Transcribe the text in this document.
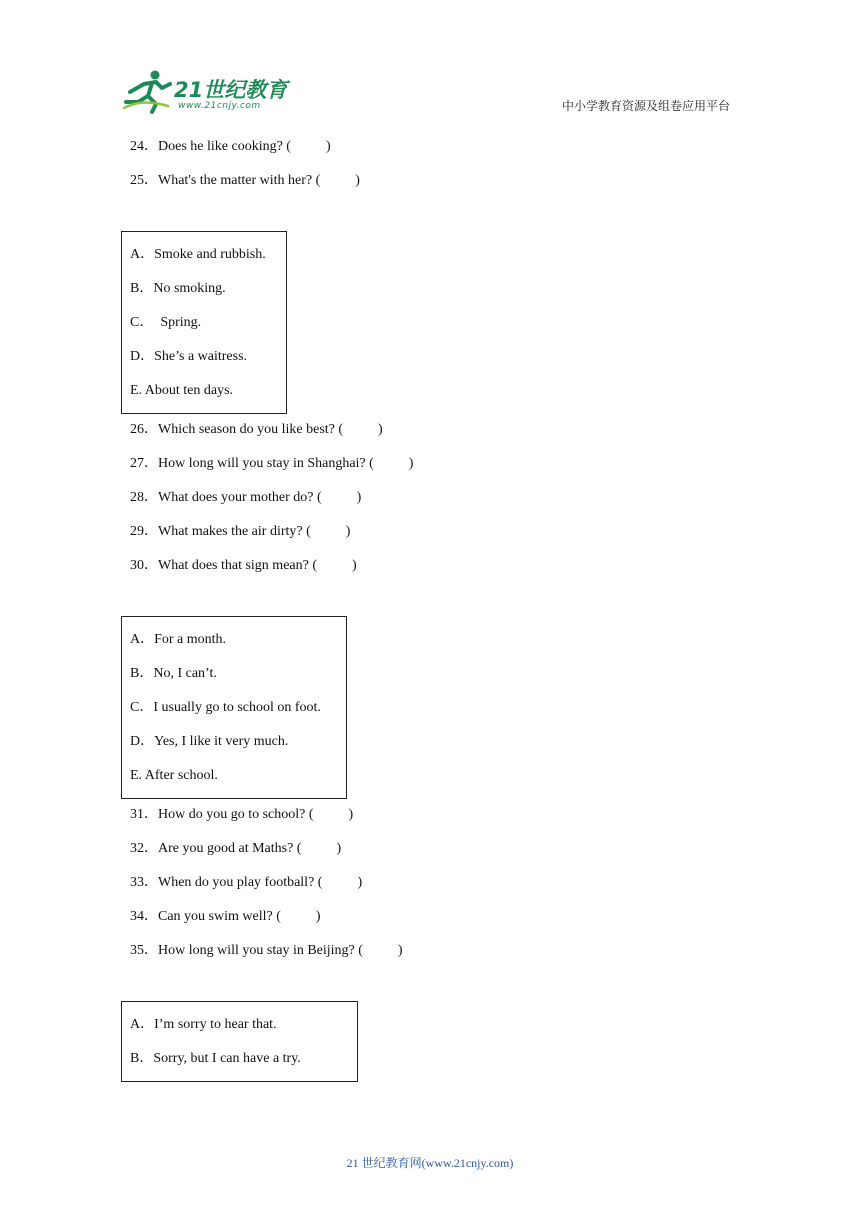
21世纪教育
www.21cnjy.com	中小学教育资源及组卷应用平台
24．Does he like cooking? (          )
25．What's the matter with her? (          )
A．Smoke and rubbish.
B．No smoking.
C．  Spring.
D．She’s a waitress.
E. About ten days.
26．Which season do you like best? (          )
27．How long will you stay in Shanghai? (          )
28．What does your mother do? (          )
29．What makes the air dirty? (          )
30．What does that sign mean? (          )
A．For a month.
B．No, I can’t.
C．I usually go to school on foot.
D．Yes, I like it very much.
E. After school.
31．How do you go to school? (          )
32．Are you good at Maths? (          )
33．When do you play football? (          )
34．Can you swim well? (          )
35．How long will you stay in Beijing? (          )
A．I’m sorry to hear that.
B．Sorry, but I can have a try.
21 世纪教育网(www.21cnjy.com)
